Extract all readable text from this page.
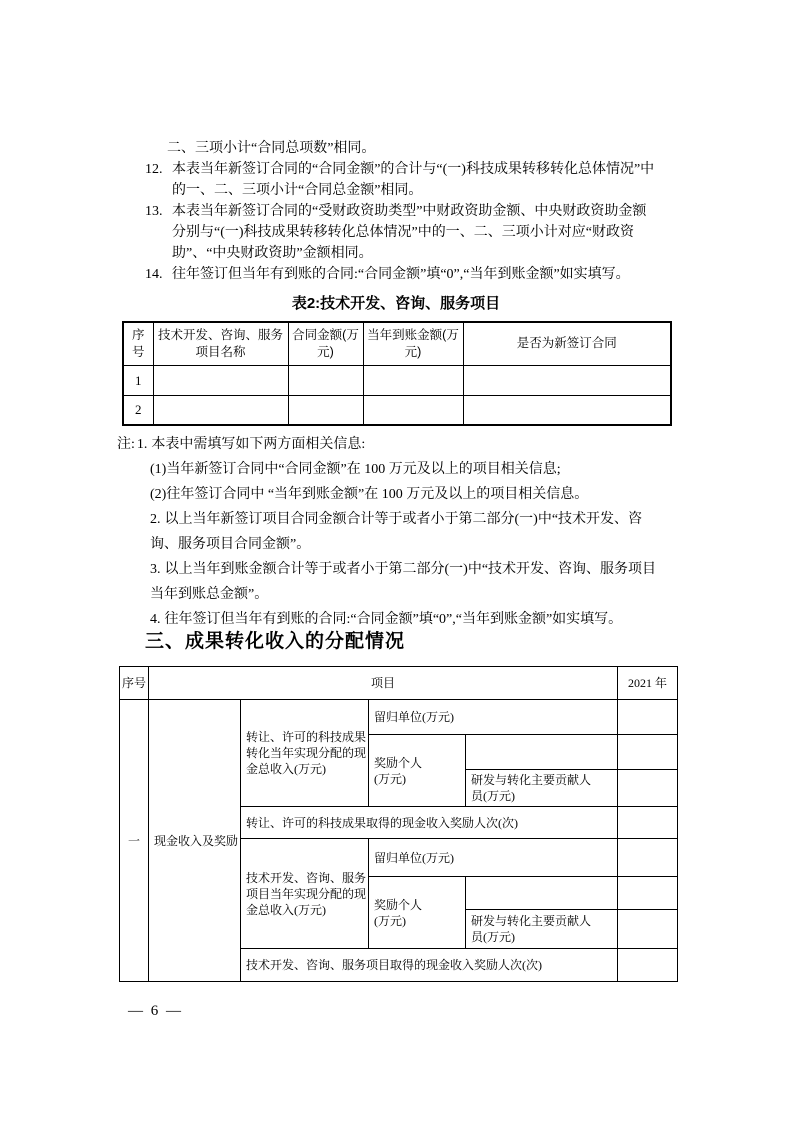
二、三项小计“合同总项数”相同。
12. 本表当年新签订合同的“合同金额”的合计与“(一)科技成果转移转化总体情况”中的一、二、三项小计“合同总金额”相同。
13. 本表当年新签订合同的“受财政资助类型”中财政资助金额、中央财政资助金额分别与“(一)科技成果转移转化总体情况”中的一、二、三项小计对应“财政资助”、“中央财政资助”金额相同。
14. 往年签订但当年有到账的合同:“合同金额”填“0”,“当年到账金额”如实填写。
表2:技术开发、咨询、服务项目
序号	技术开发、咨询、服务项目名称	合同金额(万元)	当年到账金额(万元)	是否为新签订合同
1				
2				
注: 1. 本表中需填写如下两方面相关信息:
(1)当年新签订合同中“合同金额”在 100 万元及以上的项目相关信息;
(2)往年签订合同中 “当年到账金额”在 100 万元及以上的项目相关信息。
2. 以上当年新签订项目合同金额合计等于或者小于第二部分(一)中“技术开发、咨询、服务项目合同金额”。
3. 以上当年到账金额合计等于或者小于第二部分(一)中“技术开发、咨询、服务项目当年到账总金额”。
4. 往年签订但当年有到账的合同:“合同金额”填“0”,“当年到账金额”如实填写。
三、成果转化收入的分配情况
序号	项目				2021 年
一	现金收入及奖励	转让、许可的科技成果转化当年实现分配的现金总收入(万元)	留归单位(万元)		

			奖励个人(万元)		

				研发与转化主要贡献人员(万元)	

		转让、许可的科技成果取得的现金收入奖励人次(次)			
		技术开发、咨询、服务项目当年实现分配的现金总收入(万元)	留归单位(万元)		

			奖励个人(万元)		

				研发与转化主要贡献人员(万元)	

		技术开发、咨询、服务项目取得的现金收入奖励人次(次)			
— 6 —
